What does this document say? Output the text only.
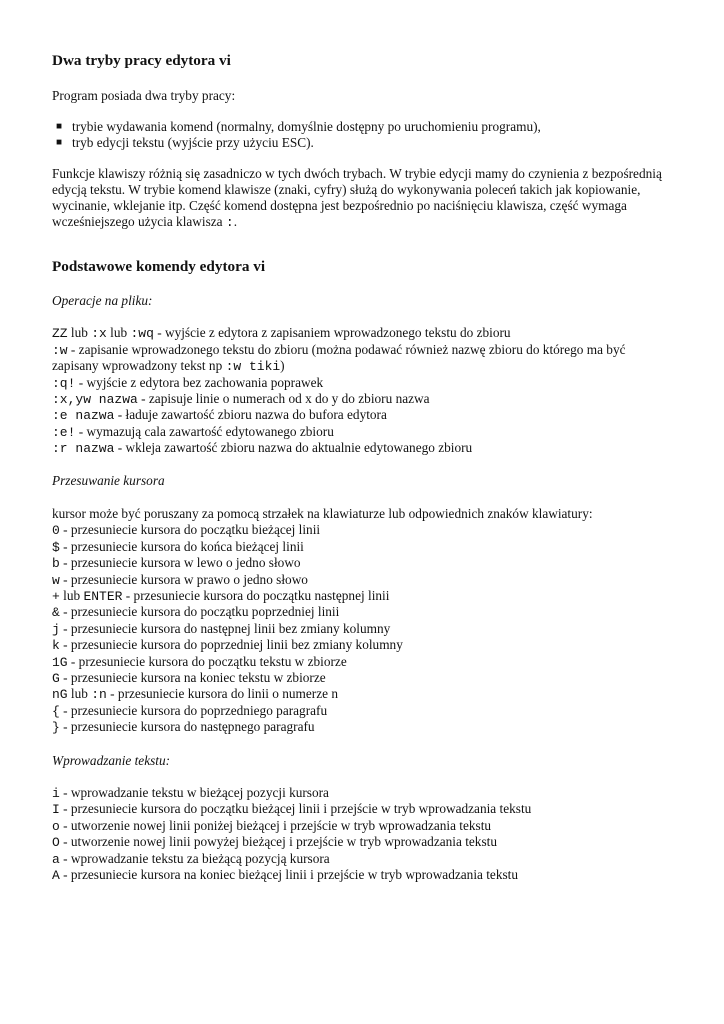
Dwa tryby pracy edytora vi
Program posiada dwa tryby pracy:
■ trybie wydawania komend (normalny, domyślnie dostępny po uruchomieniu programu),
■ tryb edycji tekstu (wyjście przy użyciu ESC).
Funkcje klawiszy różnią się zasadniczo w tych dwóch trybach. W trybie edycji mamy do czynienia z bezpośrednią
edycją tekstu. W trybie komend klawisze (znaki, cyfry) służą do wykonywania poleceń takich jak kopiowanie,
wycinanie, wklejanie itp. Część komend dostępna jest bezpośrednio po naciśnięciu klawisza, część wymaga
wcześniejszego użycia klawisza :.
Podstawowe komendy edytora vi
Operacje na pliku:
ZZ lub :x lub :wq - wyjście z edytora z zapisaniem wprowadzonego tekstu do zbioru
:w - zapisanie wprowadzonego tekstu do zbioru (można podawać również nazwę zbioru do którego ma być
zapisany wprowadzony tekst np :w tiki)
:q! - wyjście z edytora bez zachowania poprawek
:x,yw nazwa - zapisuje linie o numerach od x do y do zbioru nazwa
:e nazwa - ładuje zawartość zbioru nazwa do bufora edytora
:e! - wymazują cala zawartość edytowanego zbioru
:r nazwa - wkleja zawartość zbioru nazwa do aktualnie edytowanego zbioru
Przesuwanie kursora
kursor może być poruszany za pomocą strzałek na klawiaturze lub odpowiednich znaków klawiatury:
0 - przesuniecie kursora do początku bieżącej linii
$ - przesuniecie kursora do końca bieżącej linii
b - przesuniecie kursora w lewo o jedno słowo
w - przesuniecie kursora w prawo o jedno słowo
+ lub ENTER - przesuniecie kursora do początku następnej linii
& - przesuniecie kursora do początku poprzedniej linii
j - przesuniecie kursora do następnej linii bez zmiany kolumny
k - przesuniecie kursora do poprzedniej linii bez zmiany kolumny
1G - przesuniecie kursora do początku tekstu w zbiorze
G - przesuniecie kursora na koniec tekstu w zbiorze
nG lub :n - przesuniecie kursora do linii o numerze n
{ - przesuniecie kursora do poprzedniego paragrafu
} - przesuniecie kursora do następnego paragrafu
Wprowadzanie tekstu:
i - wprowadzanie tekstu w bieżącej pozycji kursora
I - przesuniecie kursora do początku bieżącej linii i przejście w tryb wprowadzania tekstu
o - utworzenie nowej linii poniżej bieżącej i przejście w tryb wprowadzania tekstu
O - utworzenie nowej linii powyżej bieżącej i przejście w tryb wprowadzania tekstu
a - wprowadzanie tekstu za bieżącą pozycją kursora
A - przesuniecie kursora na koniec bieżącej linii i przejście w tryb wprowadzania tekstu
